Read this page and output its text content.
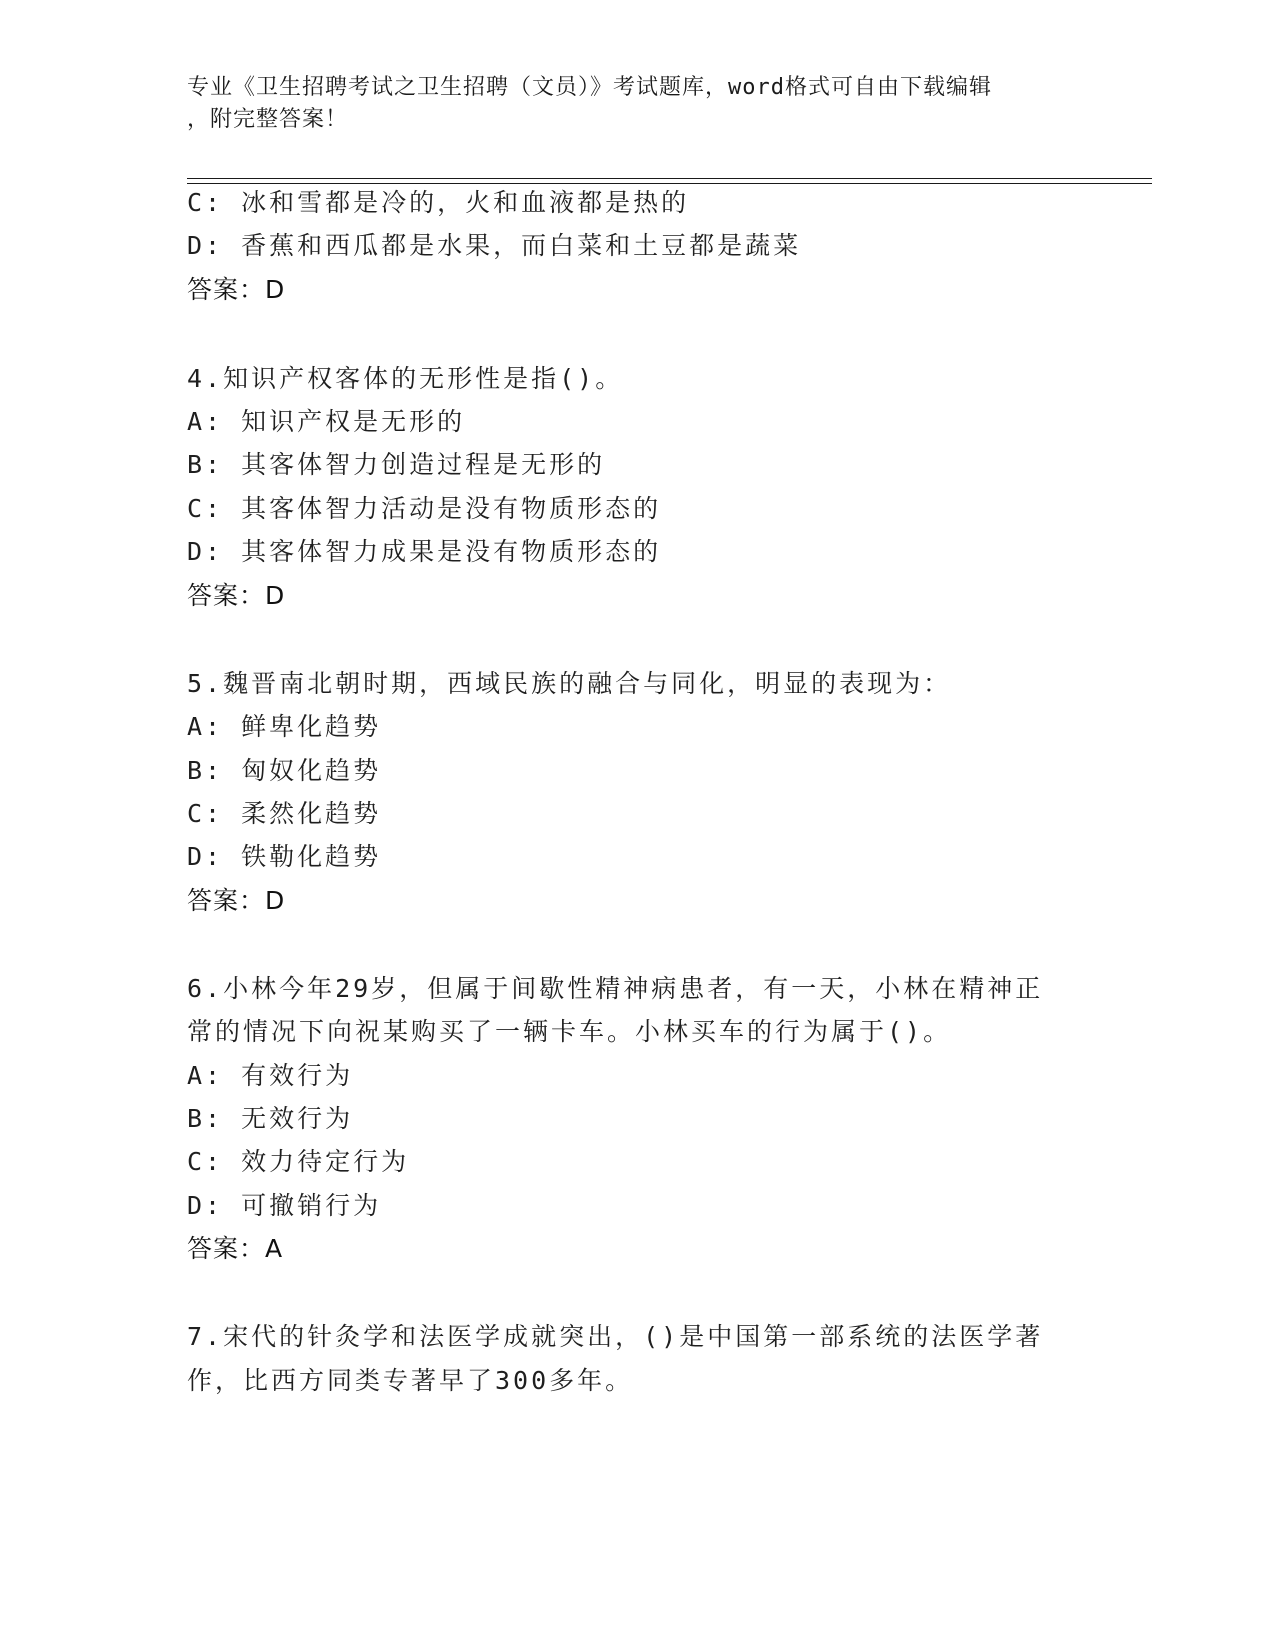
专业《卫生招聘考试之卫生招聘（文员）》考试题库，word格式可自由下载编辑
，附完整答案！
C: 冰和雪都是冷的，火和血液都是热的
D: 香蕉和西瓜都是水果，而白菜和土豆都是蔬菜
答案：D
4.知识产权客体的无形性是指()。
A: 知识产权是无形的
B: 其客体智力创造过程是无形的
C: 其客体智力活动是没有物质形态的
D: 其客体智力成果是没有物质形态的
答案：D
5.魏晋南北朝时期，西域民族的融合与同化，明显的表现为：
A: 鲜卑化趋势
B: 匈奴化趋势
C: 柔然化趋势
D: 铁勒化趋势
答案：D
6.小林今年29岁，但属于间歇性精神病患者，有一天，小林在精神正
常的情况下向祝某购买了一辆卡车。小林买车的行为属于()。
A: 有效行为
B: 无效行为
C: 效力待定行为
D: 可撤销行为
答案：A
7.宋代的针灸学和法医学成就突出，()是中国第一部系统的法医学著
作，比西方同类专著早了300多年。
